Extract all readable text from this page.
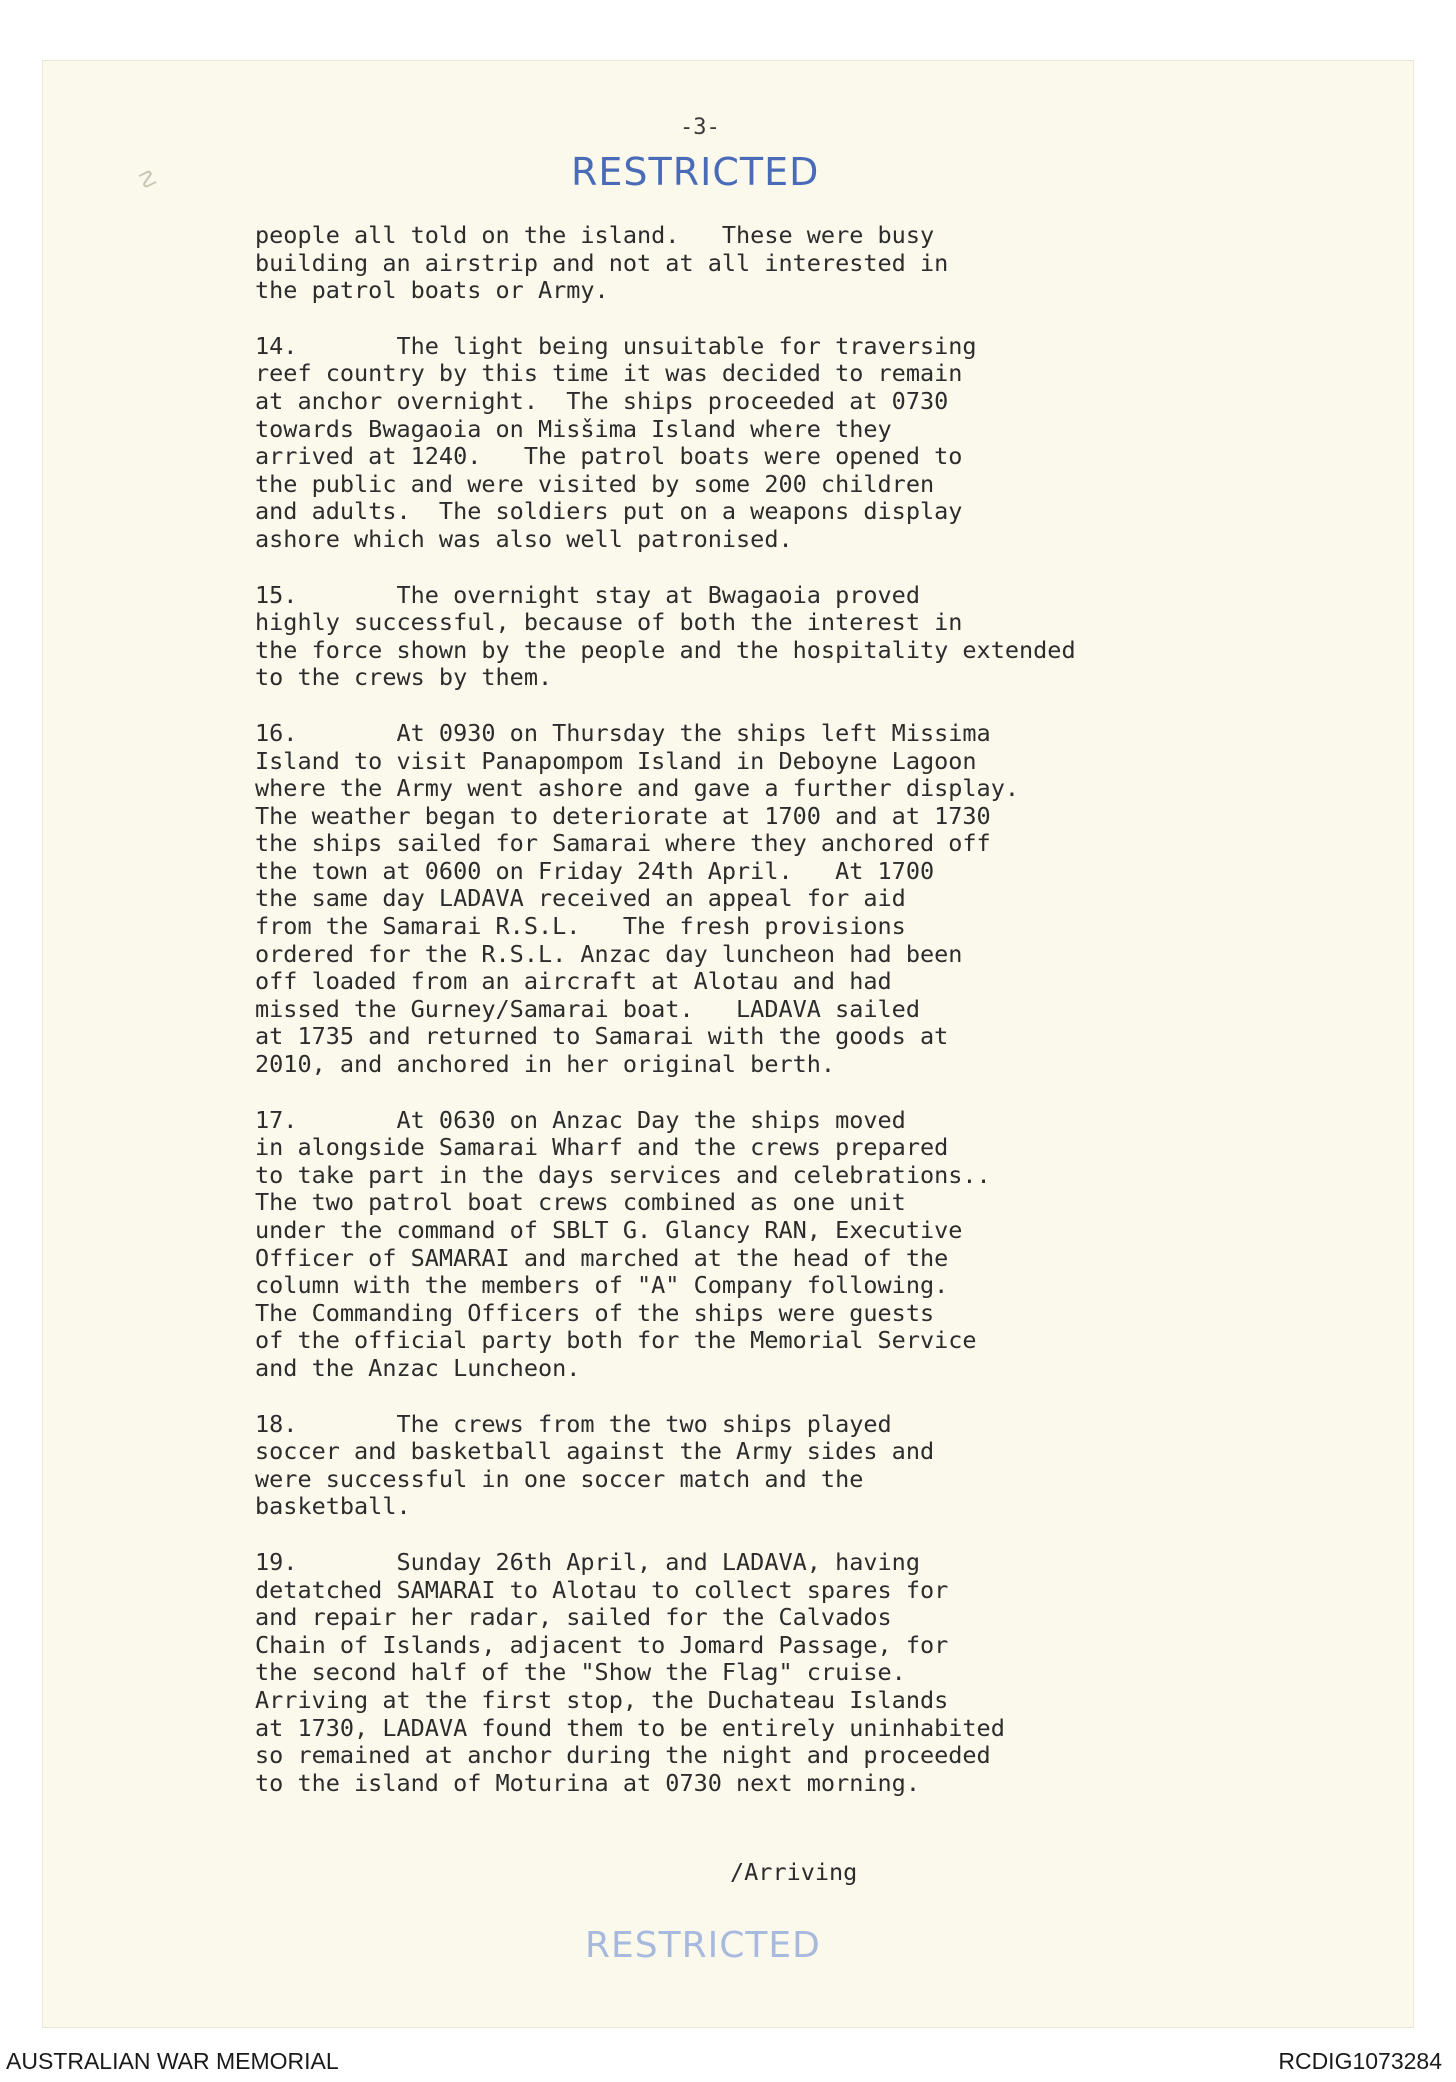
☡
-3-
RESTRICTED
people all told on the island.   These were busy
building an airstrip and not at all interested in
the patrol boats or Army.
14.       The light being unsuitable for traversing
reef country by this time it was decided to remain
at anchor overnight.  The ships proceeded at 0730
towards Bwagaoia on Misšima Island where they
arrived at 1240.   The patrol boats were opened to
the public and were visited by some 200 children
and adults.  The soldiers put on a weapons display
ashore which was also well patronised.
15.       The overnight stay at Bwagaoia proved
highly successful, because of both the interest in
the force shown by the people and the hospitality extended
to the crews by them.
16.       At 0930 on Thursday the ships left Missima
Island to visit Panapompom Island in Deboyne Lagoon
where the Army went ashore and gave a further display.
The weather began to deteriorate at 1700 and at 1730
the ships sailed for Samarai where they anchored off
the town at 0600 on Friday 24th April.   At 1700
the same day LADAVA received an appeal for aid
from the Samarai R.S.L.   The fresh provisions
ordered for the R.S.L. Anzac day luncheon had been
off loaded from an aircraft at Alotau and had
missed the Gurney/Samarai boat.   LADAVA sailed
at 1735 and returned to Samarai with the goods at
2010, and anchored in her original berth.
17.       At 0630 on Anzac Day the ships moved
in alongside Samarai Wharf and the crews prepared
to take part in the days services and celebrations..
The two patrol boat crews combined as one unit
under the command of SBLT G. Glancy RAN, Executive
Officer of SAMARAI and marched at the head of the
column with the members of "A" Company following.
The Commanding Officers of the ships were guests
of the official party both for the Memorial Service
and the Anzac Luncheon.
18.       The crews from the two ships played
soccer and basketball against the Army sides and
were successful in one soccer match and the
basketball.
19.       Sunday 26th April, and LADAVA, having
detatched SAMARAI to Alotau to collect spares for
and repair her radar, sailed for the Calvados
Chain of Islands, adjacent to Jomard Passage, for
the second half of the "Show the Flag" cruise.
Arriving at the first stop, the Duchateau Islands
at 1730, LADAVA found them to be entirely uninhabited
so remained at anchor during the night and proceeded
to the island of Moturina at 0730 next morning.
/Arriving
RESTRICTED
AUSTRALIAN WAR MEMORIAL	RCDIG1073284
